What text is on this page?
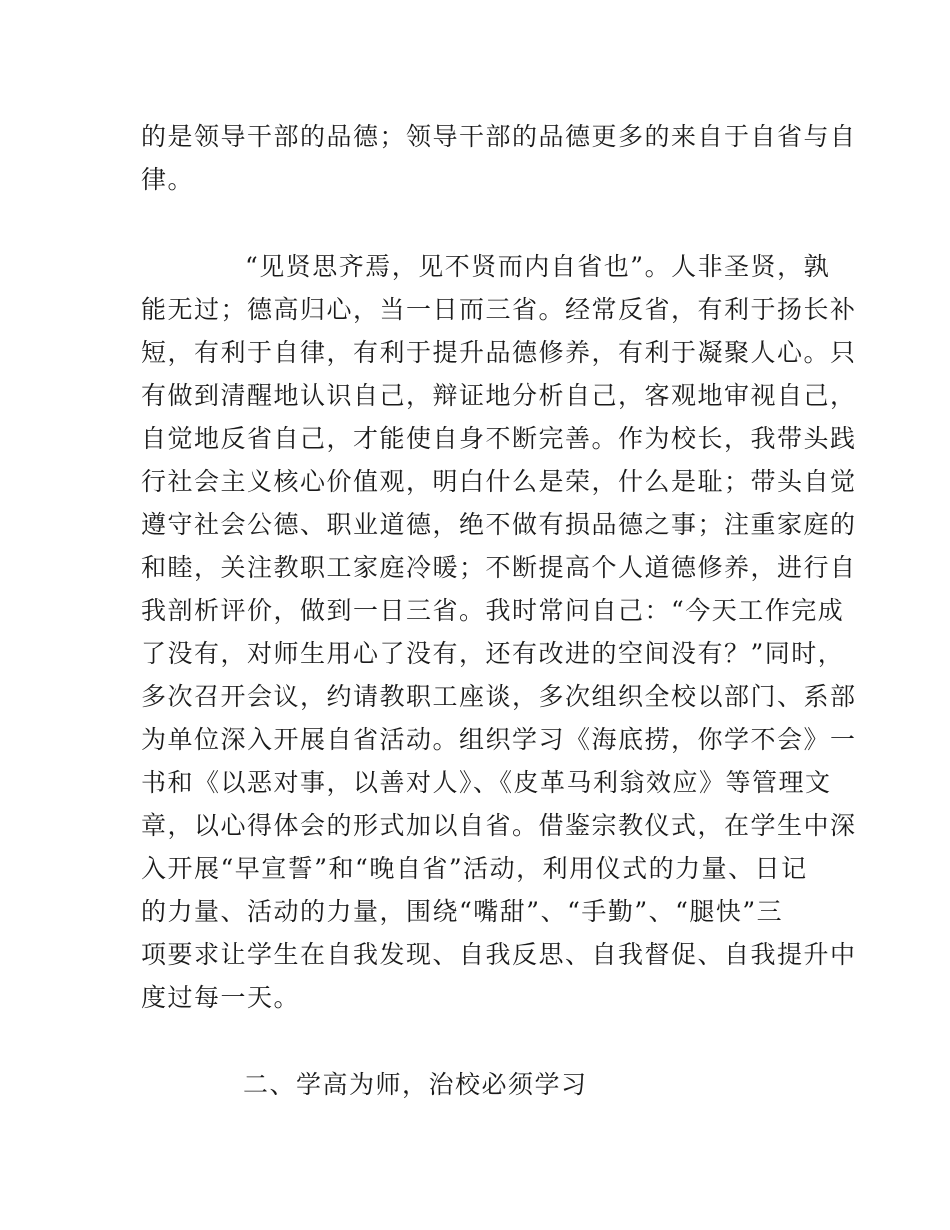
的是领导干部的品德；领导干部的品德更多的来自于自省与自
律。
“见贤思齐焉，见不贤而内自省也”。人非圣贤，孰
能无过；德高归心，当一日而三省。经常反省，有利于扬长补
短，有利于自律，有利于提升品德修养，有利于凝聚人心。只
有做到清醒地认识自己，辩证地分析自己，客观地审视自己，
自觉地反省自己，才能使自身不断完善。作为校长，我带头践
行社会主义核心价值观，明白什么是荣，什么是耻；带头自觉
遵守社会公德、职业道德，绝不做有损品德之事；注重家庭的
和睦，关注教职工家庭冷暖；不断提高个人道德修养，进行自
我剖析评价，做到一日三省。我时常问自己：“今天工作完成
了没有，对师生用心了没有，还有改进的空间没有？”同时，
多次召开会议，约请教职工座谈，多次组织全校以部门、系部
为单位深入开展自省活动。组织学习《海底捞，你学不会》一
书和《以恶对事，以善对人》、《皮革马利翁效应》等管理文
章，以心得体会的形式加以自省。借鉴宗教仪式，在学生中深
入开展“早宣誓”和“晚自省”活动，利用仪式的力量、日记
的力量、活动的力量，围绕“嘴甜”、“手勤”、“腿快”三
项要求让学生在自我发现、自我反思、自我督促、自我提升中
度过每一天。
二、学高为师，治校必须学习
